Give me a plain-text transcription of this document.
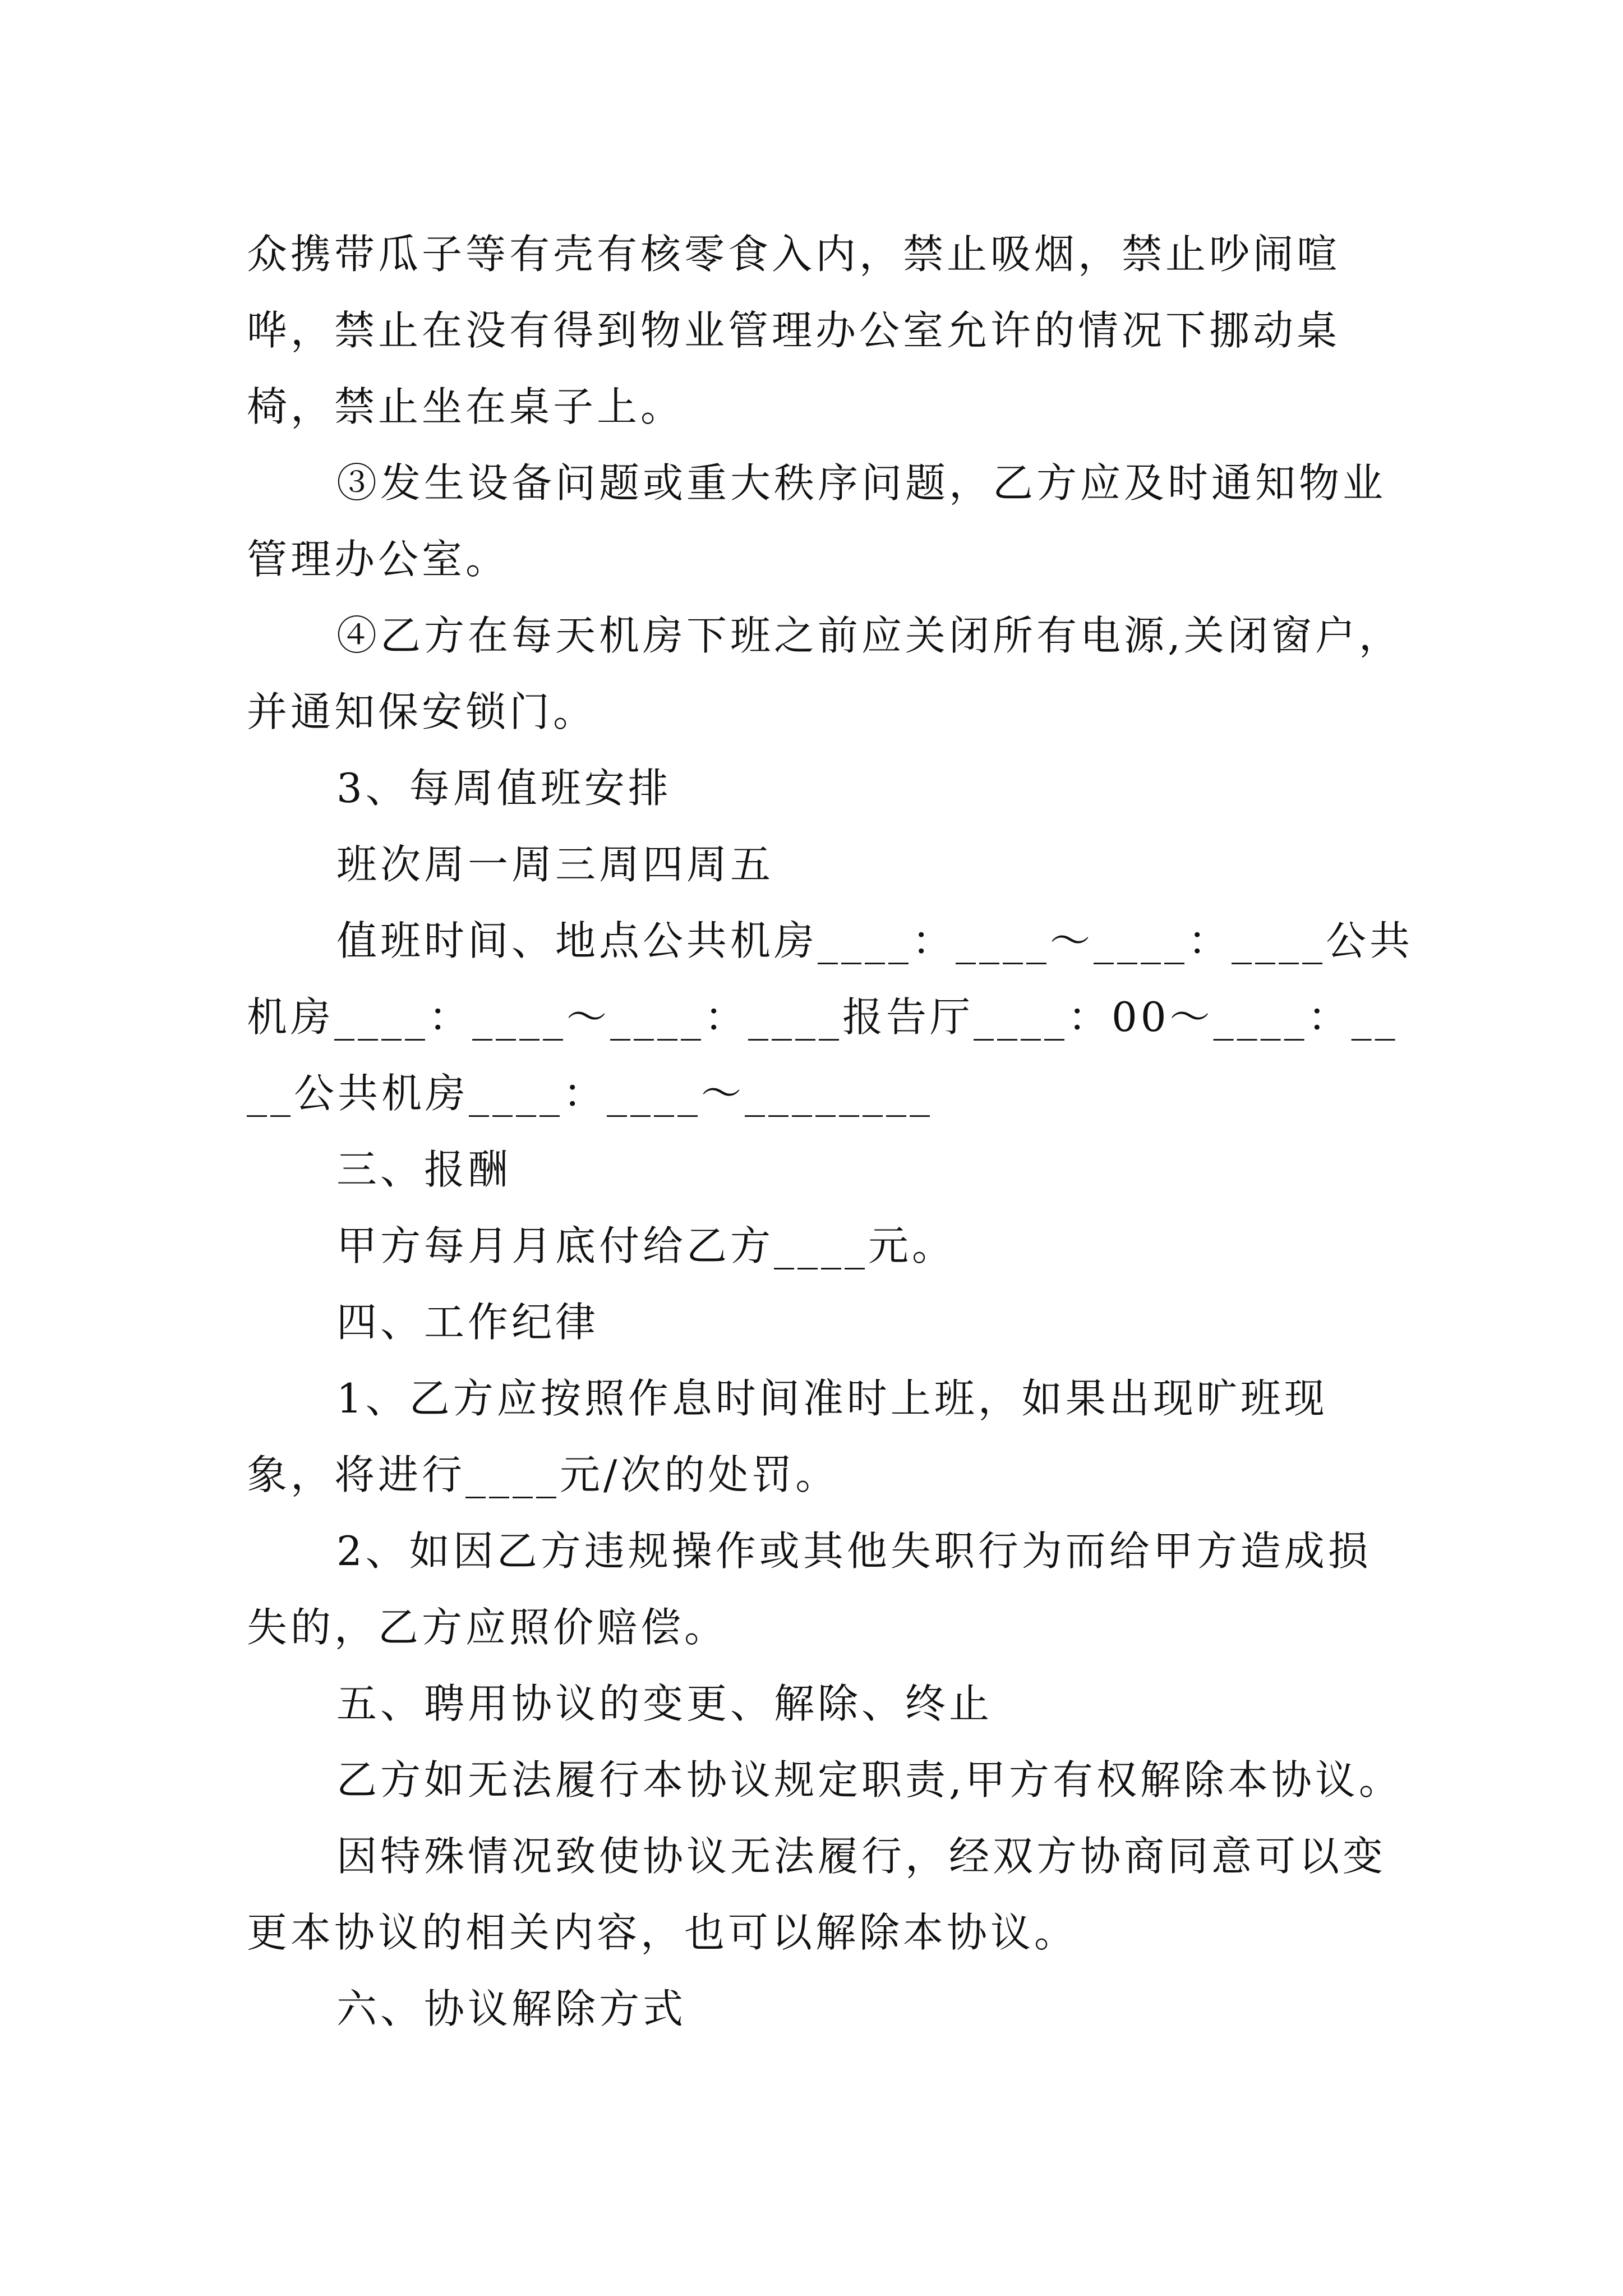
众携带瓜子等有壳有核零食入内，禁止吸烟，禁止吵闹喧哗，禁止在没有得到物业管理办公室允许的情况下挪动桌椅，禁止坐在桌子上。

③发生设备问题或重大秩序问题，乙方应及时通知物业管理办公室。

④乙方在每天机房下班之前应关闭所有电源,关闭窗户，并通知保安锁门。

3、每周值班安排

班次周一周三周四周五

值班时间、地点公共机房____：____～____：____公共机房____：____～____：____报告厅____：00～____：____公共机房____：____～________

三、报酬

甲方每月月底付给乙方____元。

四、工作纪律

1、乙方应按照作息时间准时上班，如果出现旷班现象，将进行____元/次的处罚。

2、如因乙方违规操作或其他失职行为而给甲方造成损失的，乙方应照价赔偿。

五、聘用协议的变更、解除、终止

乙方如无法履行本协议规定职责,甲方有权解除本协议。

因特殊情况致使协议无法履行，经双方协商同意可以变更本协议的相关内容，也可以解除本协议。

六、协议解除方式
